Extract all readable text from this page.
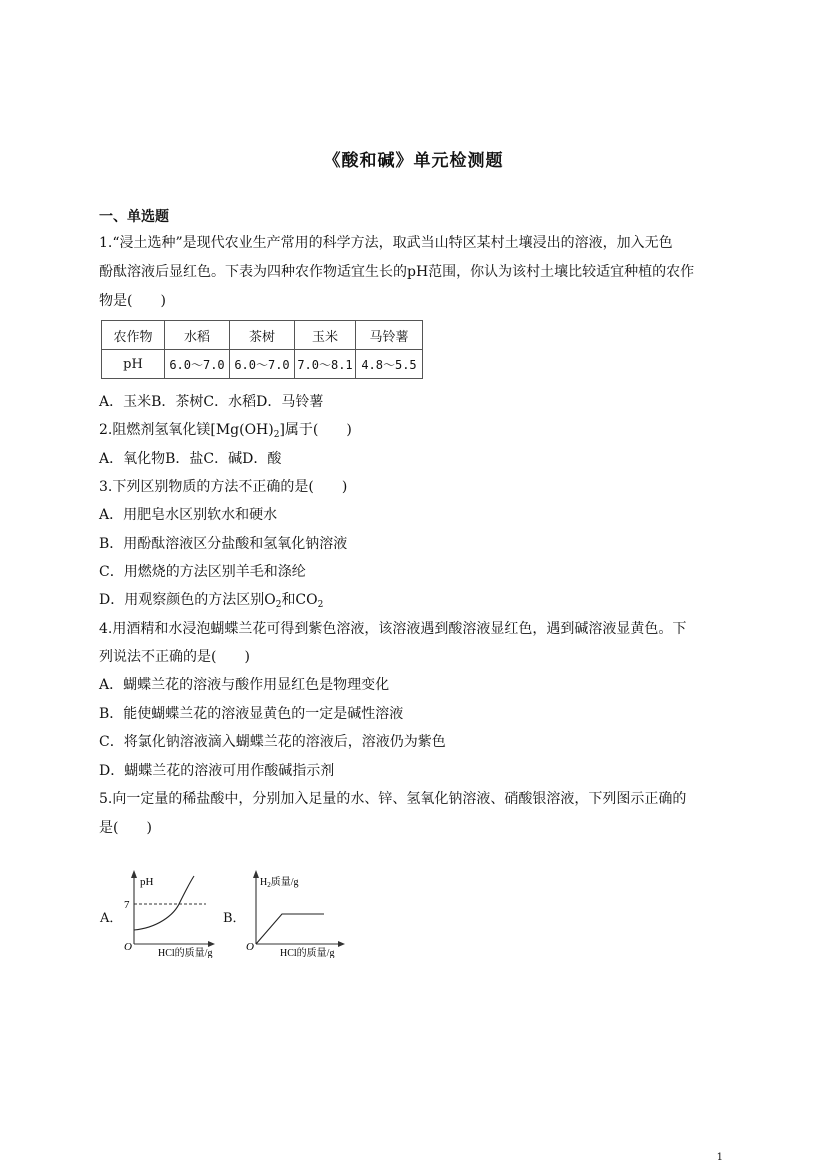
《酸和碱》单元检测题
一、单选题
1.“浸土选种”是现代农业生产常用的科学方法，取武当山特区某村土壤浸出的溶液，加入无色
酚酞溶液后显红色。下表为四种农作物适宜生长的pH范围，你认为该村土壤比较适宜种植的农作
物是(　　)
农作物	水稻	茶树	玉米	马铃薯
pH	6.0～7.0	6.0～7.0	7.0～8.1	4.8～5.5
A．玉米B．茶树C．水稻D．马铃薯
2.阻燃剂氢氧化镁$[Mg(OH)_2]$属于(　　)
A．氧化物B．盐C．碱D．酸
3.下列区别物质的方法不正确的是(　　)
A．用肥皂水区别软水和硬水
B．用酚酞溶液区分盐酸和氢氧化钠溶液
C．用燃烧的方法区别羊毛和涤纶
D．用观察颜色的方法区别$O_2$和$CO_2$
4.用酒精和水浸泡蝴蝶兰花可得到紫色溶液，该溶液遇到酸溶液显红色，遇到碱溶液显黄色。下
列说法不正确的是(　　)
A．蝴蝶兰花的溶液与酸作用显红色是物理变化
B．能使蝴蝶兰花的溶液显黄色的一定是碱性溶液
C．将氯化钠溶液滴入蝴蝶兰花的溶液后，溶液仍为紫色
D．蝴蝶兰花的溶液可用作酸碱指示剂
5.向一定量的稀盐酸中，分别加入足量的水、锌、氢氧化钠溶液、硝酸银溶液，下列图示正确的
是(　　)
A．
pH
7
O
HCl的质量/g
B．
$H_2$质量/g
O
HCl的质量/g
1
